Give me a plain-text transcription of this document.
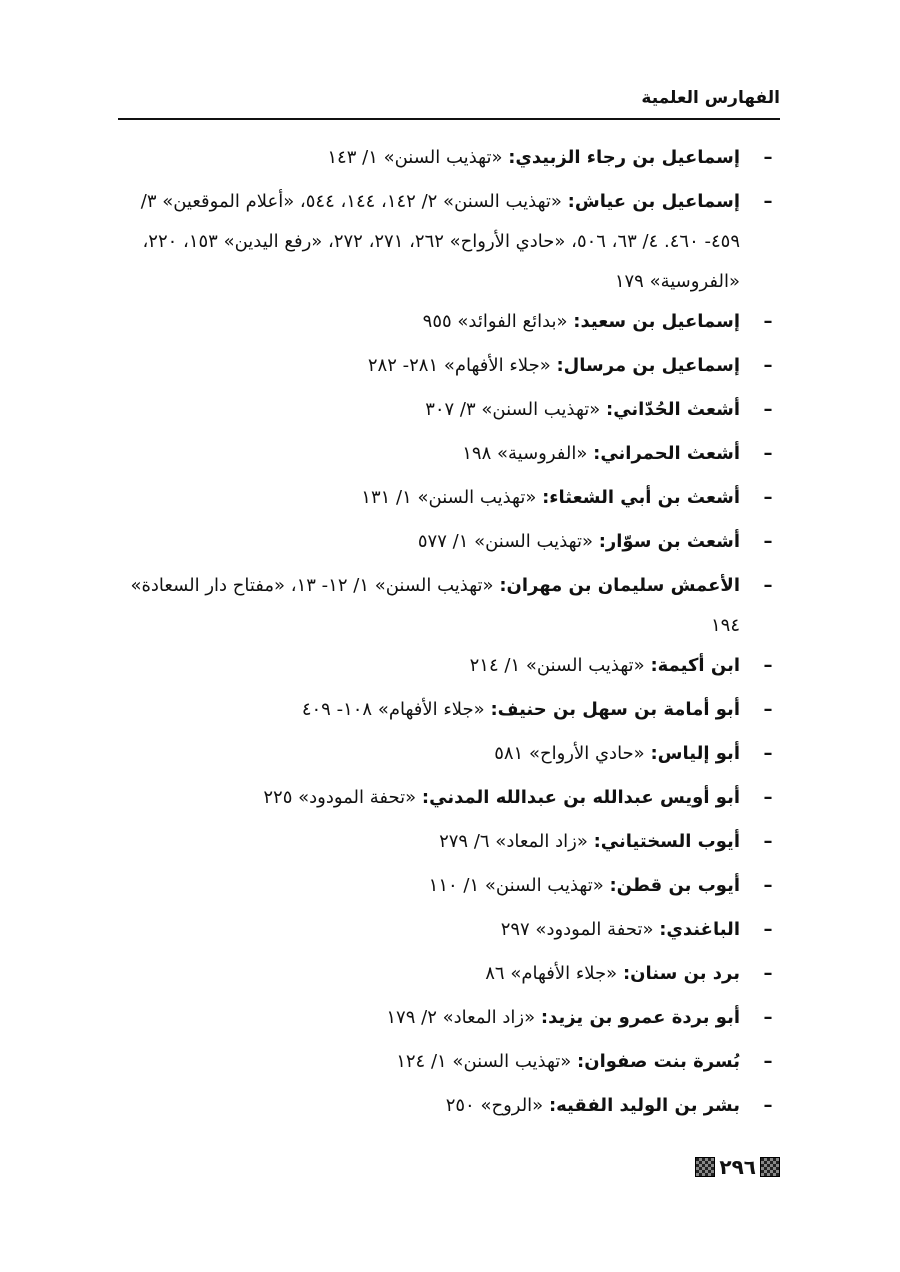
الفهارس العلمية
–
إسماعيل بن رجاء الزبيدي: «تهذيب السنن» ١/ ١٤٣
–
إسماعيل بن عياش: «تهذيب السنن» ٢/ ١٤٢، ١٤٤، ٥٤٤، «أعلام الموقعين» ٣/ ٤٥٩- ٤٦٠. ٤/ ٦٣، ٥٠٦، «حادي الأرواح» ٢٦٢، ٢٧١، ٢٧٢، «رفع اليدين» ١٥٣، ٢٢٠، «الفروسية» ١٧٩
–
إسماعيل بن سعيد: «بدائع الفوائد» ٩٥٥
–
إسماعيل بن مرسال: «جلاء الأفهام» ٢٨١- ٢٨٢
–
أشعث الحُدّاني: «تهذيب السنن» ٣/ ٣٠٧
–
أشعث الحمراني: «الفروسية» ١٩٨
–
أشعث بن أبي الشعثاء: «تهذيب السنن» ١/ ١٣١
–
أشعث بن سوّار: «تهذيب السنن» ١/ ٥٧٧
–
الأعمش سليمان بن مهران: «تهذيب السنن» ١/ ١٢- ١٣، «مفتاح دار السعادة» ١٩٤
–
ابن أكيمة: «تهذيب السنن» ١/ ٢١٤
–
أبو أمامة بن سهل بن حنيف: «جلاء الأفهام» ١٠٨- ٤٠٩
–
أبو إلياس: «حادي الأرواح» ٥٨١
–
أبو أويس عبدالله بن عبدالله المدني: «تحفة المودود» ٢٢٥
–
أيوب السختياني: «زاد المعاد» ٦/ ٢٧٩
–
أيوب بن قطن: «تهذيب السنن» ١/ ١١٠
–
الباغندي: «تحفة المودود» ٢٩٧
–
برد بن سنان: «جلاء الأفهام» ٨٦
–
أبو بردة عمرو بن يزيد: «زاد المعاد» ٢/ ١٧٩
–
بُسرة بنت صفوان: «تهذيب السنن» ١/ ١٢٤
–
بشر بن الوليد الفقيه: «الروح» ٢٥٠
٢٩٦
